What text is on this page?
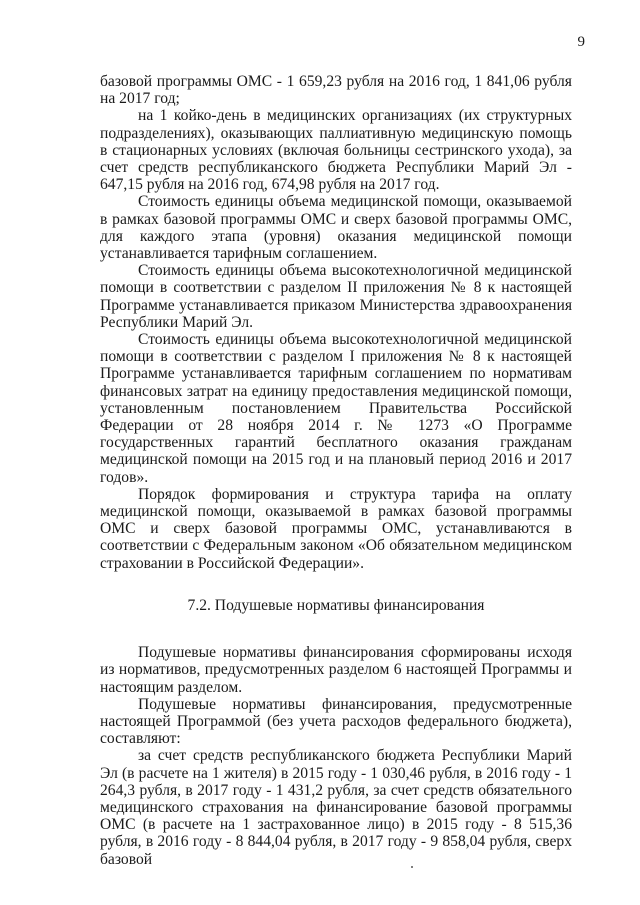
9

базовой программы ОМС - 1 659,23 рубля на 2016 год, 1 841,06 рубля на 2017 год;

на 1 койко-день в медицинских организациях (их структурных подразделениях), оказывающих паллиативную медицинскую помощь в стационарных условиях (включая больницы сестринского ухода), за счет средств республиканского бюджета Республики Марий Эл - 647,15 рубля на 2016 год, 674,98 рубля на 2017 год.

Стоимость единицы объема медицинской помощи, оказываемой в рамках базовой программы ОМС и сверх базовой программы ОМС, для каждого этапа (уровня) оказания медицинской помощи устанавливается тарифным соглашением.

Стоимость единицы объема высокотехнологичной медицинской помощи в соответствии с разделом II приложения № 8 к настоящей Программе устанавливается приказом Министерства здравоохранения Республики Марий Эл.

Стоимость единицы объема высокотехнологичной медицинской помощи в соответствии с разделом I приложения № 8 к настоящей Программе устанавливается тарифным соглашением по нормативам финансовых затрат на единицу предоставления медицинской помощи, установленным постановлением Правительства Российской Федерации от 28 ноября 2014 г. № 1273 «О Программе государственных гарантий бесплатного оказания гражданам медицинской помощи на 2015 год и на плановый период 2016 и 2017 годов».

Порядок формирования и структура тарифа на оплату медицинской помощи, оказываемой в рамках базовой программы ОМС и сверх базовой программы ОМС, устанавливаются в соответствии с Федеральным законом «Об обязательном медицинском страховании в Российской Федерации».

7.2. Подушевые нормативы финансирования

Подушевые нормативы финансирования сформированы исходя из нормативов, предусмотренных разделом 6 настоящей Программы и настоящим разделом.

Подушевые нормативы финансирования, предусмотренные настоящей Программой (без учета расходов федерального бюджета), составляют:

за счет средств республиканского бюджета Республики Марий Эл (в расчете на 1 жителя) в 2015 году - 1 030,46 рубля, в 2016 году - 1 264,3 рубля, в 2017 году - 1 431,2 рубля, за счет средств обязательного медицинского страхования на финансирование базовой программы ОМС (в расчете на 1 застрахованное лицо) в 2015 году - 8 515,36 рубля, в 2016 году - 8 844,04 рубля, в 2017 году - 9 858,04 рубля, сверх базовой
